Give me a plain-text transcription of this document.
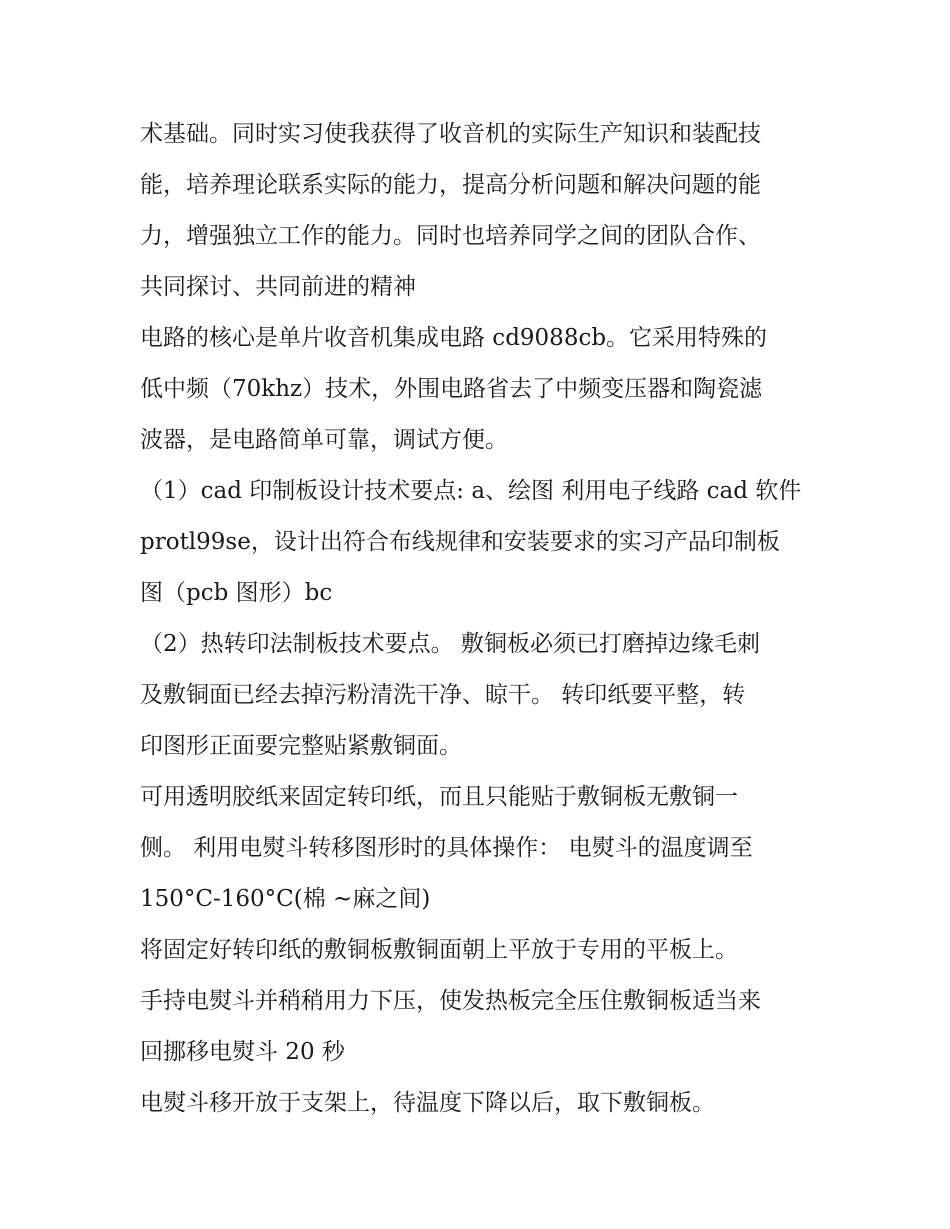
术基础。同时实习使我获得了收音机的实际生产知识和装配技
能，培养理论联系实际的能力，提高分析问题和解决问题的能
力，增强独立工作的能力。同时也培养同学之间的团队合作、
共同探讨、共同前进的精神
电路的核心是单片收音机集成电路 cd9088cb。它采用特殊的
低中频（70khz）技术，外围电路省去了中频变压器和陶瓷滤
波器，是电路简单可靠，调试方便。
（1）cad 印制板设计技术要点: a、绘图 利用电子线路 cad 软件
protl99se，设计出符合布线规律和安装要求的实习产品印制板
图（pcb 图形）bc
（2）热转印法制板技术要点。 敷铜板必须已打磨掉边缘毛刺
及敷铜面已经去掉污粉清洗干净、晾干。 转印纸要平整，转
印图形正面要完整贴紧敷铜面。
可用透明胶纸来固定转印纸，而且只能贴于敷铜板无敷铜一
侧。 利用电熨斗转移图形时的具体操作： 电熨斗的温度调至
150°C-160°C(棉 ~麻之间)
将固定好转印纸的敷铜板敷铜面朝上平放于专用的平板上。
手持电熨斗并稍稍用力下压，使发热板完全压住敷铜板适当来
回挪移电熨斗 20 秒
电熨斗移开放于支架上，待温度下降以后，取下敷铜板。
